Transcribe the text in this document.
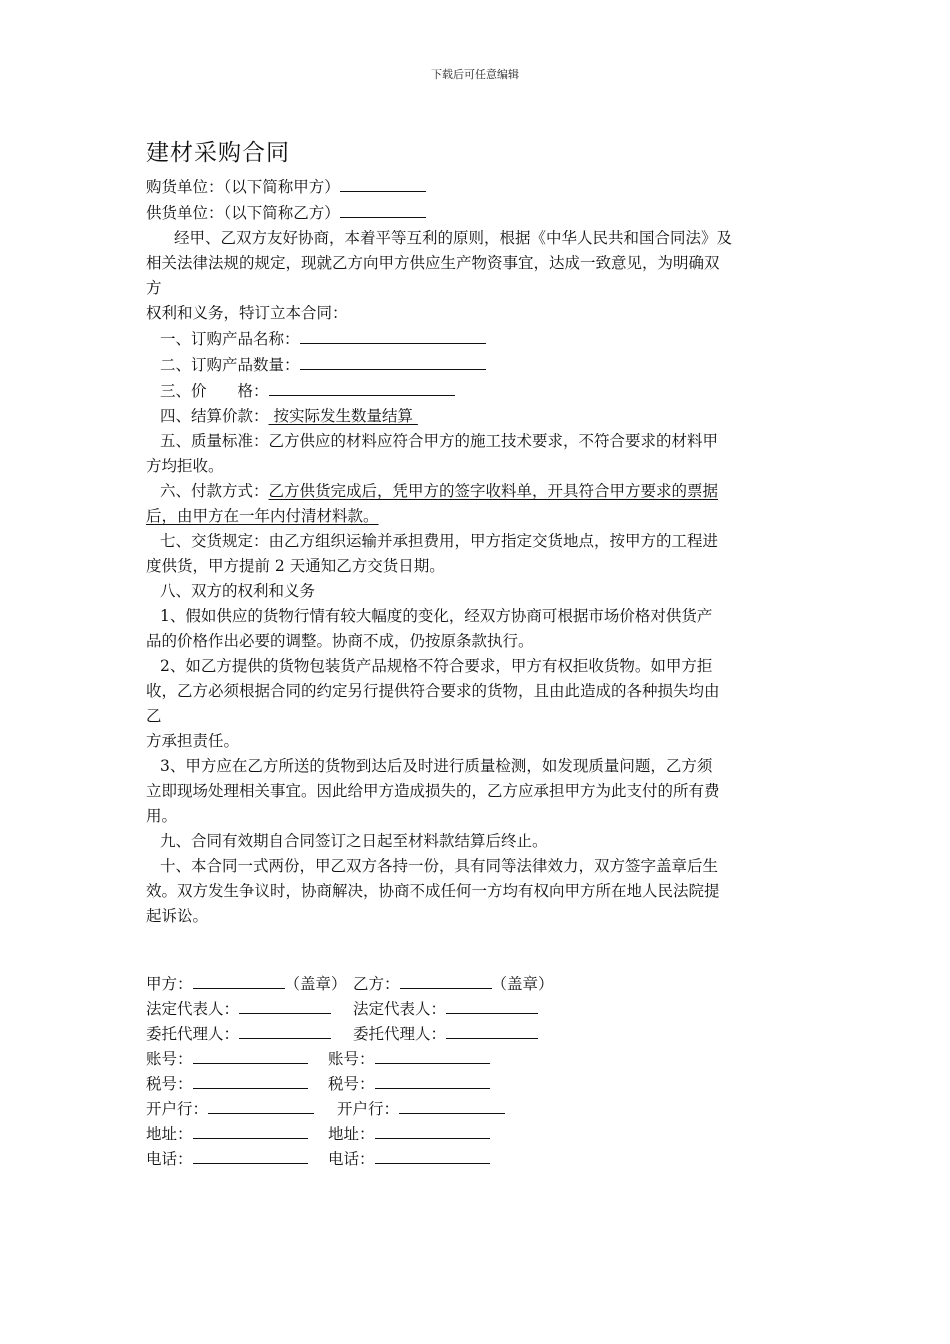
下载后可任意编辑
建材采购合同
购货单位：（以下简称甲方）
供货单位：（以下简称乙方）
经甲、乙双方友好协商，本着平等互利的原则，根据《中华人民共和国合同法》及
相关法律法规的规定，现就乙方向甲方供应生产物资事宜，达成一致意见，为明确双
方
权利和义务，特订立本合同：
一、订购产品名称：
二、订购产品数量：
三、价　　格：
四、结算价款： 按实际发生数量结算
五、质量标准：乙方供应的材料应符合甲方的施工技术要求，不符合要求的材料甲
方均拒收。
六、付款方式：乙方供货完成后，凭甲方的签字收料单，开具符合甲方要求的票据
后，由甲方在一年内付清材料款。
七、交货规定：由乙方组织运输并承担费用，甲方指定交货地点，按甲方的工程进
度供货，甲方提前 2 天通知乙方交货日期。
八、双方的权利和义务
1、假如供应的货物行情有较大幅度的变化，经双方协商可根据市场价格对供货产
品的价格作出必要的调整。协商不成，仍按原条款执行。
2、如乙方提供的货物包装货产品规格不符合要求，甲方有权拒收货物。如甲方拒
收，乙方必须根据合同的约定另行提供符合要求的货物，且由此造成的各种损失均由
乙
方承担责任。
3、甲方应在乙方所送的货物到达后及时进行质量检测，如发现质量问题，乙方须
立即现场处理相关事宜。因此给甲方造成损失的，乙方应承担甲方为此支付的所有费
用。
九、合同有效期自合同签订之日起至材料款结算后终止。
十、本合同一式两份，甲乙双方各持一份，具有同等法律效力，双方签字盖章后生
效。双方发生争议时，协商解决，协商不成任何一方均有权向甲方所在地人民法院提
起诉讼。
甲方：	（盖章） 乙方：	（盖章）
法定代表人：	法定代表人：
委托代理人：	委托代理人：
账号：	账号：
税号：	税号：
开户行：	开户行：
地址：	地址：
电话：	电话：
